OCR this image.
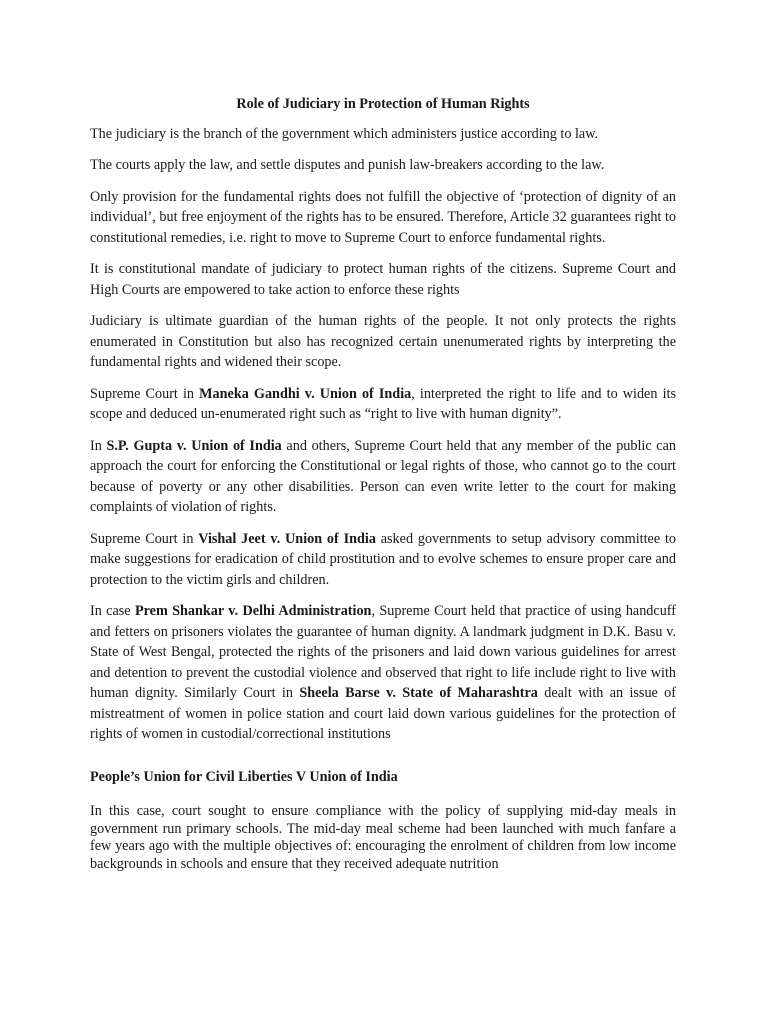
Role of Judiciary in Protection of Human Rights

The judiciary is the branch of the government which administers justice according to law.

The courts apply the law, and settle disputes and punish law-breakers according to the law.

Only provision for the fundamental rights does not fulfill the objective of ‘protection of dignity of an individual’, but free enjoyment of the rights has to be ensured. Therefore, Article 32 guarantees right to constitutional remedies, i.e. right to move to Supreme Court to enforce fundamental rights.

It is constitutional mandate of judiciary to protect human rights of the citizens. Supreme Court and High Courts are empowered to take action to enforce these rights

Judiciary is ultimate guardian of the human rights of the people. It not only protects the rights enumerated in Constitution but also has recognized certain unenumerated rights by interpreting the fundamental rights and widened their scope.

Supreme Court in Maneka Gandhi v. Union of India, interpreted the right to life and to widen its scope and deduced un-enumerated right such as “right to live with human dignity”.

In S.P. Gupta v. Union of India and others, Supreme Court held that any member of the public can approach the court for enforcing the Constitutional or legal rights of those, who cannot go to the court because of poverty or any other disabilities. Person can even write letter to the court for making complaints of violation of rights.

Supreme Court in Vishal Jeet v. Union of India asked governments to setup advisory committee to make suggestions for eradication of child prostitution and to evolve schemes to ensure proper care and protection to the victim girls and children.

In case Prem Shankar v. Delhi Administration, Supreme Court held that practice of using handcuff and fetters on prisoners violates the guarantee of human dignity. A landmark judgment in D.K. Basu v. State of West Bengal, protected the rights of the prisoners and laid down various guidelines for arrest and detention to prevent the custodial violence and observed that right to life include right to live with human dignity. Similarly Court in Sheela Barse v. State of Maharashtra dealt with an issue of mistreatment of women in police station and court laid down various guidelines for the protection of rights of women in custodial/correctional institutions

People’s Union for Civil Liberties V Union of India

In this case, court sought to ensure compliance with the policy of supplying mid-day meals in government run primary schools. The mid-day meal scheme had been launched with much fanfare a few years ago with the multiple objectives of: encouraging the enrolment of children from low income backgrounds in schools and ensure that they received adequate nutrition
